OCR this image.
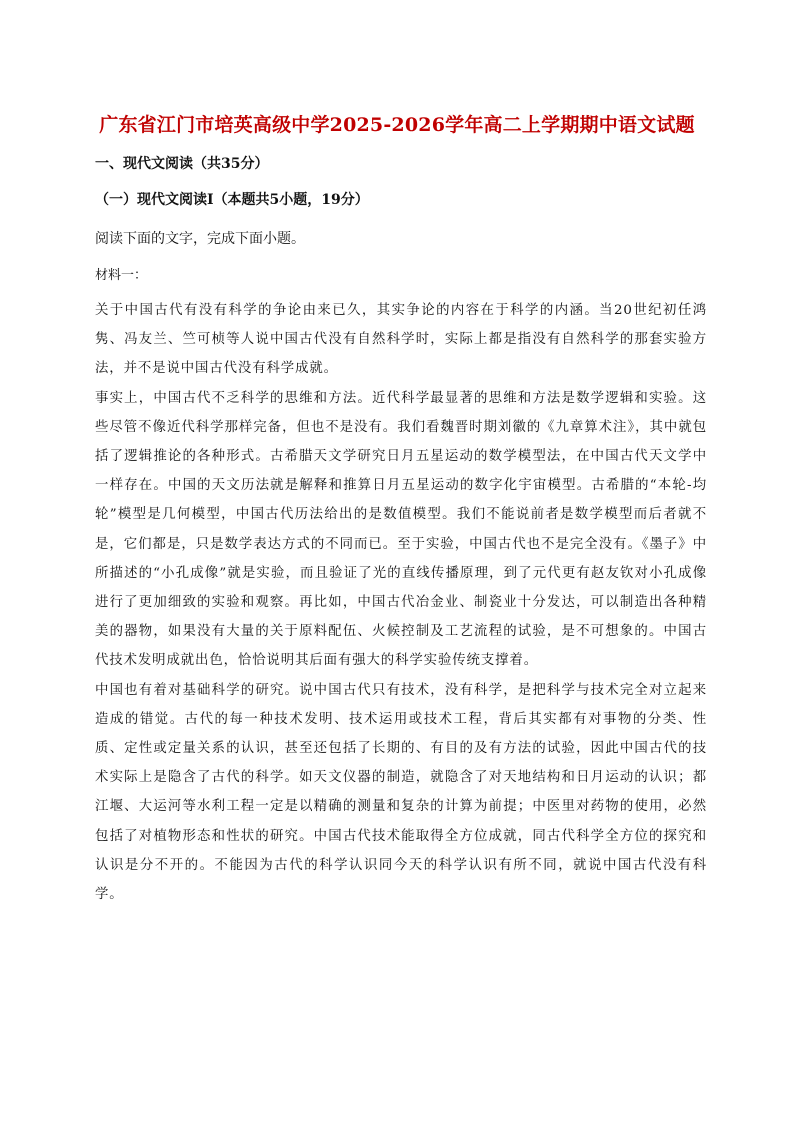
广东省江门市培英高级中学2025-2026学年高二上学期期中语文试题
一、现代文阅读（共35分）
（一）现代文阅读I（本题共5小题，19分）
阅读下面的文字，完成下面小题。
材料一：

关于中国古代有没有科学的争论由来已久，其实争论的内容在于科学的内涵。当20世纪初任鸿隽、冯友兰、竺可桢等人说中国古代没有自然科学时，实际上都是指没有自然科学的那套实验方法，并不是说中国古代没有科学成就。

事实上，中国古代不乏科学的思维和方法。近代科学最显著的思维和方法是数学逻辑和实验。这些尽管不像近代科学那样完备，但也不是没有。我们看魏晋时期刘徽的《九章算术注》，其中就包括了逻辑推论的各种形式。古希腊天文学研究日月五星运动的数学模型法，在中国古代天文学中一样存在。中国的天文历法就是解释和推算日月五星运动的数字化宇宙模型。古希腊的“本轮-均轮”模型是几何模型，中国古代历法给出的是数值模型。我们不能说前者是数学模型而后者就不是，它们都是，只是数学表达方式的不同而已。至于实验，中国古代也不是完全没有。《墨子》中所描述的“小孔成像”就是实验，而且验证了光的直线传播原理，到了元代更有赵友钦对小孔成像进行了更加细致的实验和观察。再比如，中国古代冶金业、制瓷业十分发达，可以制造出各种精美的器物，如果没有大量的关于原料配伍、火候控制及工艺流程的试验，是不可想象的。中国古代技术发明成就出色，恰恰说明其后面有强大的科学实验传统支撑着。

中国也有着对基础科学的研究。说中国古代只有技术，没有科学，是把科学与技术完全对立起来造成的错觉。古代的每一种技术发明、技术运用或技术工程，背后其实都有对事物的分类、性质、定性或定量关系的认识，甚至还包括了长期的、有目的及有方法的试验，因此中国古代的技术实际上是隐含了古代的科学。如天文仪器的制造，就隐含了对天地结构和日月运动的认识；都江堰、大运河等水利工程一定是以精确的测量和复杂的计算为前提；中医里对药物的使用，必然包括了对植物形态和性状的研究。中国古代技术能取得全方位成就，同古代科学全方位的探究和认识是分不开的。不能因为古代的科学认识同今天的科学认识有所不同，就说中国古代没有科学。
